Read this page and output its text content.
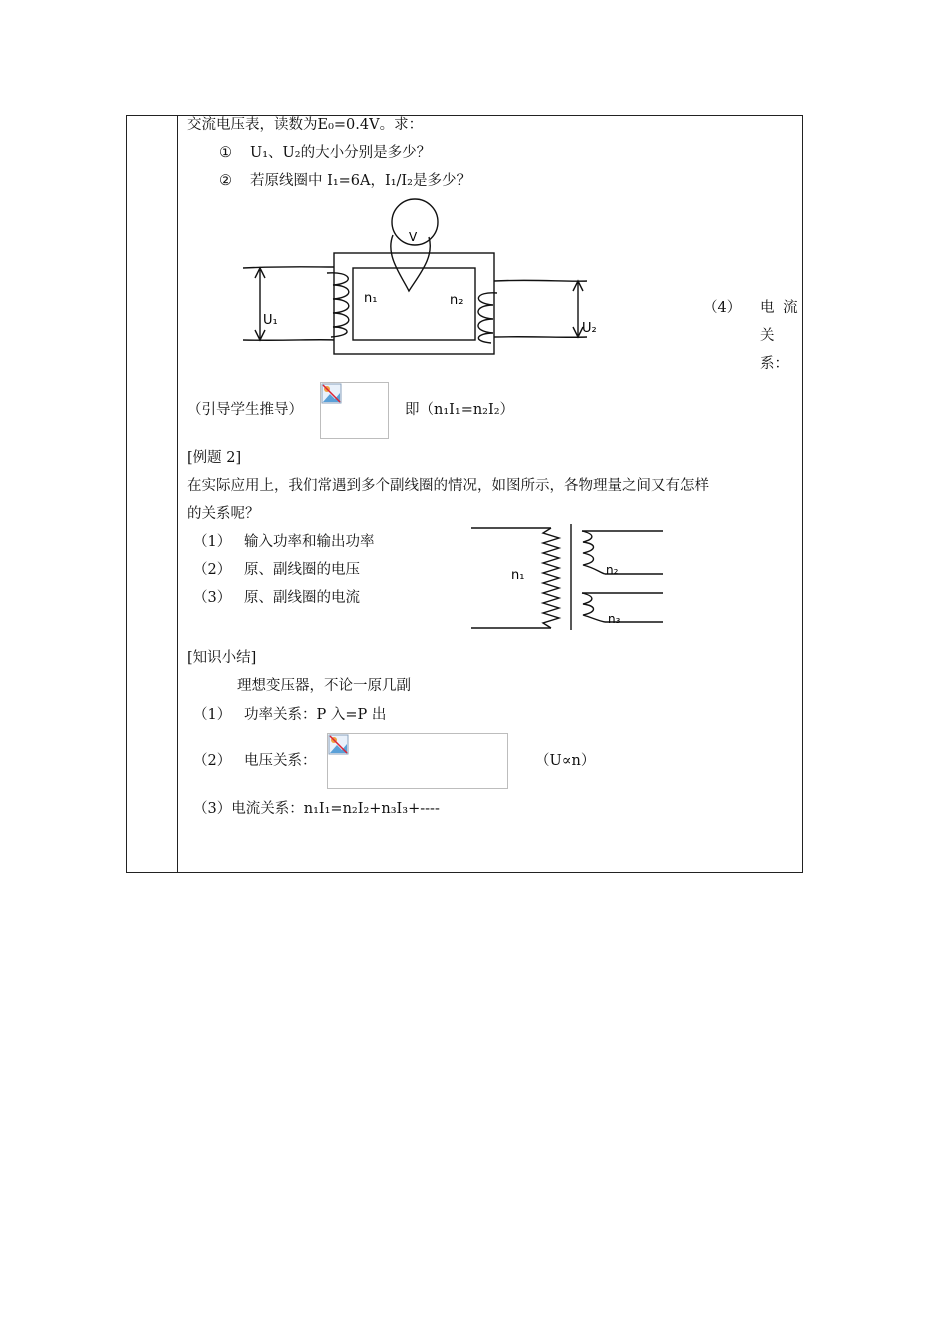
交流电压表，读数为E₀=0.4V。求：
① U₁、U₂的大小分别是多少？
② 若原线圈中 I₁=6A，I₁/I₂是多少？
V
n₁	n₂
U₁
U₂
（4） 电 流
关
系：
（引导学生推导）	即（n₁I₁=n₂I₂）
[例题 2]
在实际应用上，我们常遇到多个副线圈的情况，如图所示，各物理量之间又有怎样
的关系呢？
（1） 输入功率和输出功率
（2） 原、副线圈的电压
（3） 原、副线圈的电流
n₁	n₂
n₃
[知识小结]
理想变压器，不论一原几副
（1） 功率关系：P 入=P 出
（2） 电压关系：	（U∝n）
（3）电流关系：n₁I₁=n₂I₂+n₃I₃+----
